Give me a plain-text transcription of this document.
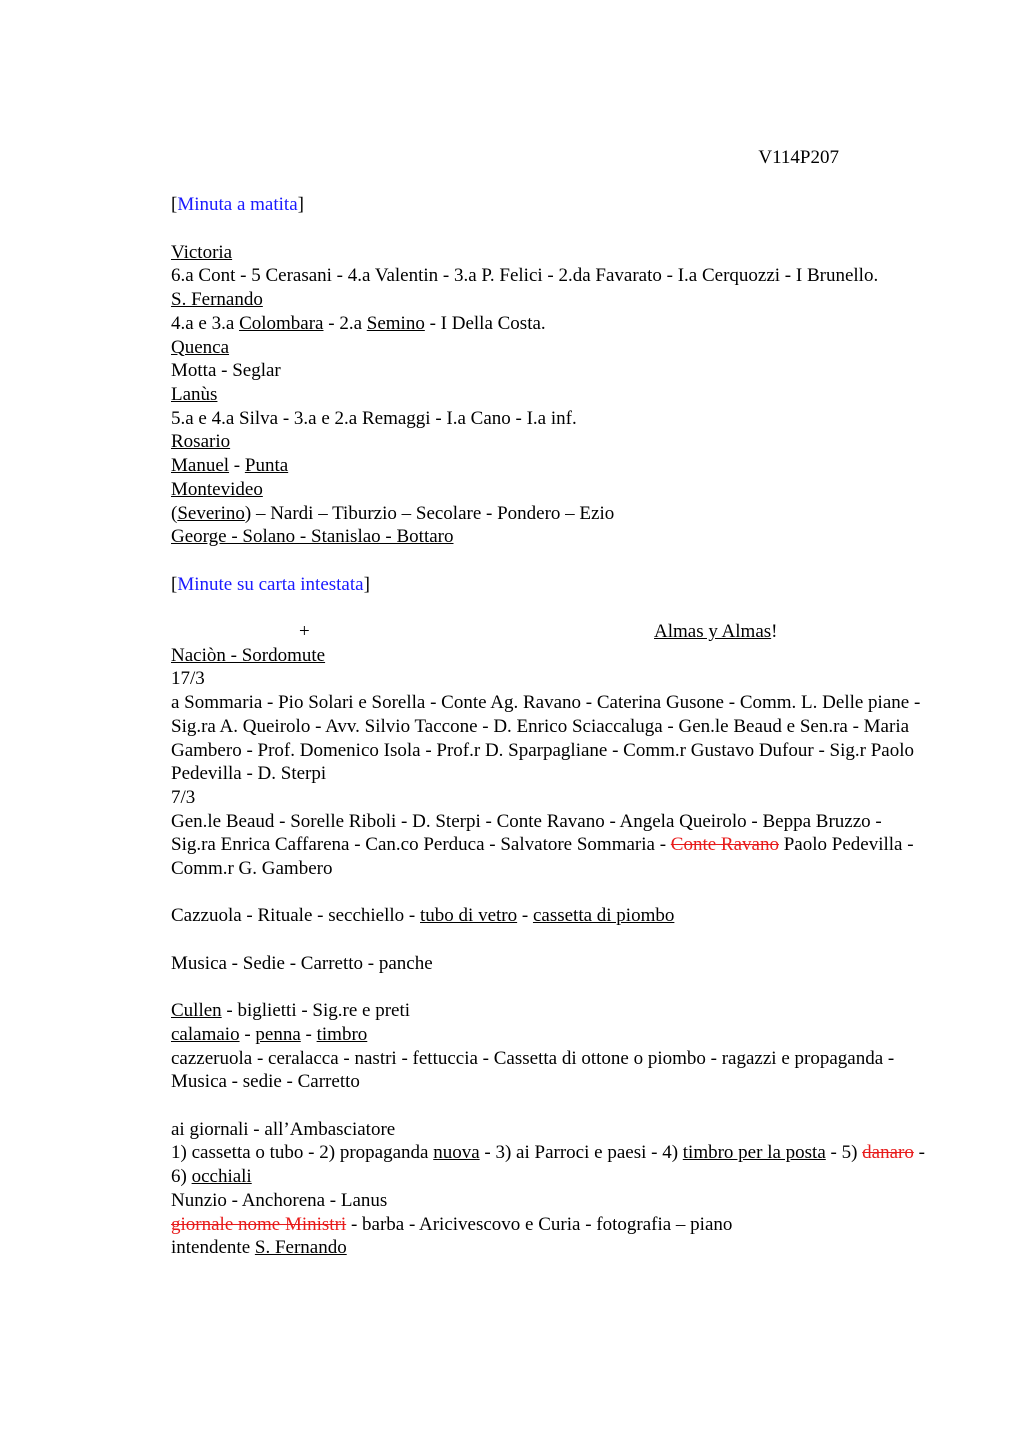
V114P207
[Minuta a matita]
Victoria
6.a Cont - 5 Cerasani - 4.a Valentin - 3.a P. Felici - 2.da Favarato - I.a Cerquozzi - I Brunello.
S. Fernando
4.a e 3.a Colombara - 2.a Semino - I Della Costa.
Quenca
Motta - Seglar
Lanùs
5.a e 4.a Silva - 3.a e 2.a Remaggi - I.a Cano - I.a inf.
Rosario
Manuel - Punta
Montevideo
(Severino) – Nardi – Tiburzio – Secolare - Pondero – Ezio
George - Solano - Stanislao - Bottaro
[Minute su carta intestata]
+	Almas y Almas!
Naciòn - Sordomute
17/3
a Sommaria - Pio Solari e Sorella - Conte Ag. Ravano - Caterina Gusone - Comm. L. Delle piane - Sig.ra A. Queirolo - Avv. Silvio Taccone - D. Enrico Sciaccaluga - Gen.le Beaud e Sen.ra - Maria Gambero - Prof. Domenico Isola - Prof.r D. Sparpagliane - Comm.r Gustavo Dufour - Sig.r Paolo Pedevilla - D. Sterpi
7/3
Gen.le Beaud - Sorelle Riboli - D. Sterpi - Conte Ravano - Angela Queirolo - Beppa Bruzzo - Sig.ra Enrica Caffarena - Can.co Perduca - Salvatore Sommaria - Conte Ravano Paolo Pedevilla - Comm.r G. Gambero
Cazzuola - Rituale - secchiello - tubo di vetro - cassetta di piombo
Musica - Sedie - Carretto - panche
Cullen - biglietti - Sig.re e preti
calamaio - penna - timbro
cazzeruola - ceralacca - nastri - fettuccia - Cassetta di ottone o piombo - ragazzi e propaganda - Musica - sedie - Carretto
ai giornali - all’Ambasciatore
1) cassetta o tubo - 2) propaganda nuova - 3) ai Parroci e paesi - 4) timbro per la posta - 5) danaro - 6) occhiali
Nunzio - Anchorena - Lanus
giornale nome Ministri - barba - Aricivescovo e Curia - fotografia – piano
intendente S. Fernando
